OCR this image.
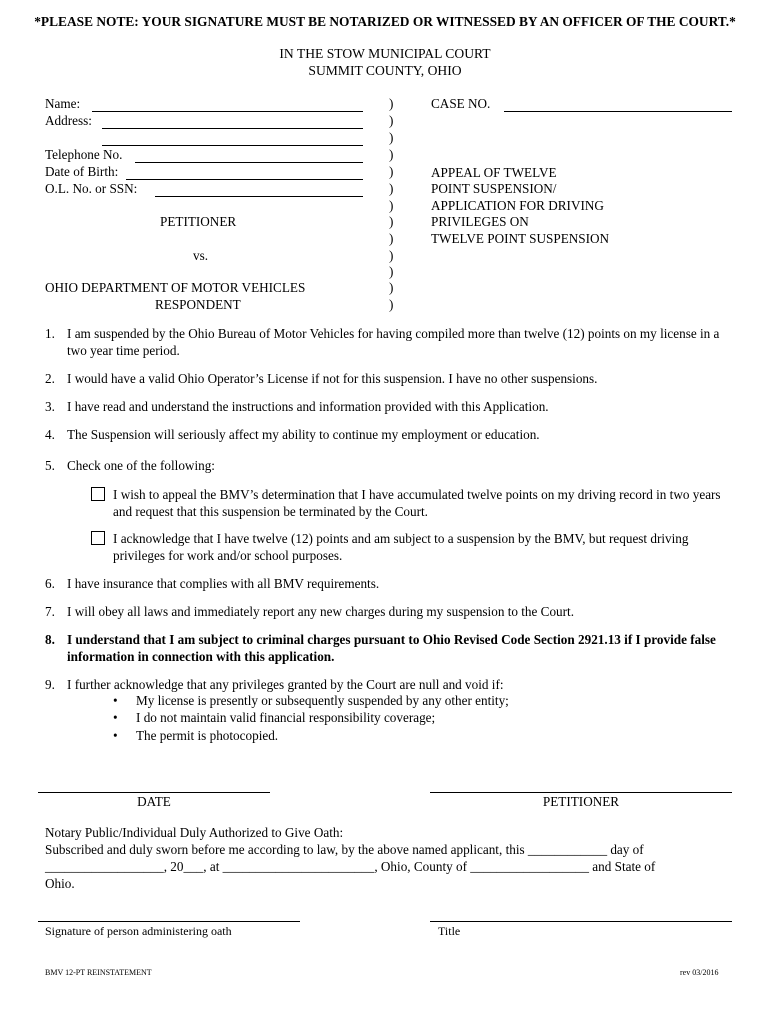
*PLEASE NOTE: YOUR SIGNATURE MUST BE NOTARIZED OR WITNESSED BY AN OFFICER OF THE COURT.*
IN THE STOW MUNICIPAL COURT
SUMMIT COUNTY, OHIO
Name:
Address:
Telephone No.
Date of Birth:
O.L. No. or SSN:
PETITIONER
vs.
OHIO DEPARTMENT OF MOTOR VEHICLES
RESPONDENT
)
)
)
)
)
)
)
)
)
)
)
)
)
CASE NO.
APPEAL OF TWELVE
POINT SUSPENSION/
APPLICATION FOR DRIVING
PRIVILEGES ON
TWELVE POINT SUSPENSION
1. I am suspended by the Ohio Bureau of Motor Vehicles for having compiled more than twelve (12) points on my license in a two year time period.
2. I would have a valid Ohio Operator’s License if not for this suspension. I have no other suspensions.
3. I have read and understand the instructions and information provided with this Application.
4. The Suspension will seriously affect my ability to continue my employment or education.
5. Check one of the following:
I wish to appeal the BMV’s determination that I have accumulated twelve points on my driving record in two years and request that this suspension be terminated by the Court.
I acknowledge that I have twelve (12) points and am subject to a suspension by the BMV, but request driving privileges for work and/or school purposes.
6. I have insurance that complies with all BMV requirements.
7. I will obey all laws and immediately report any new charges during my suspension to the Court.
8. I understand that I am subject to criminal charges pursuant to Ohio Revised Code Section 2921.13 if I provide false information in connection with this application.
9. I further acknowledge that any privileges granted by the Court are null and void if:
• My license is presently or subsequently suspended by any other entity;
• I do not maintain valid financial responsibility coverage;
• The permit is photocopied.
DATE	PETITIONER
Notary Public/Individual Duly Authorized to Give Oath:
Subscribed and duly sworn before me according to law, by the above named applicant, this ____________ day of
__________________, 20___, at _______________________, Ohio, County of __________________ and State of
Ohio.
Signature of person administering oath	Title
BMV 12-PT REINSTATEMENT	rev 03/2016
